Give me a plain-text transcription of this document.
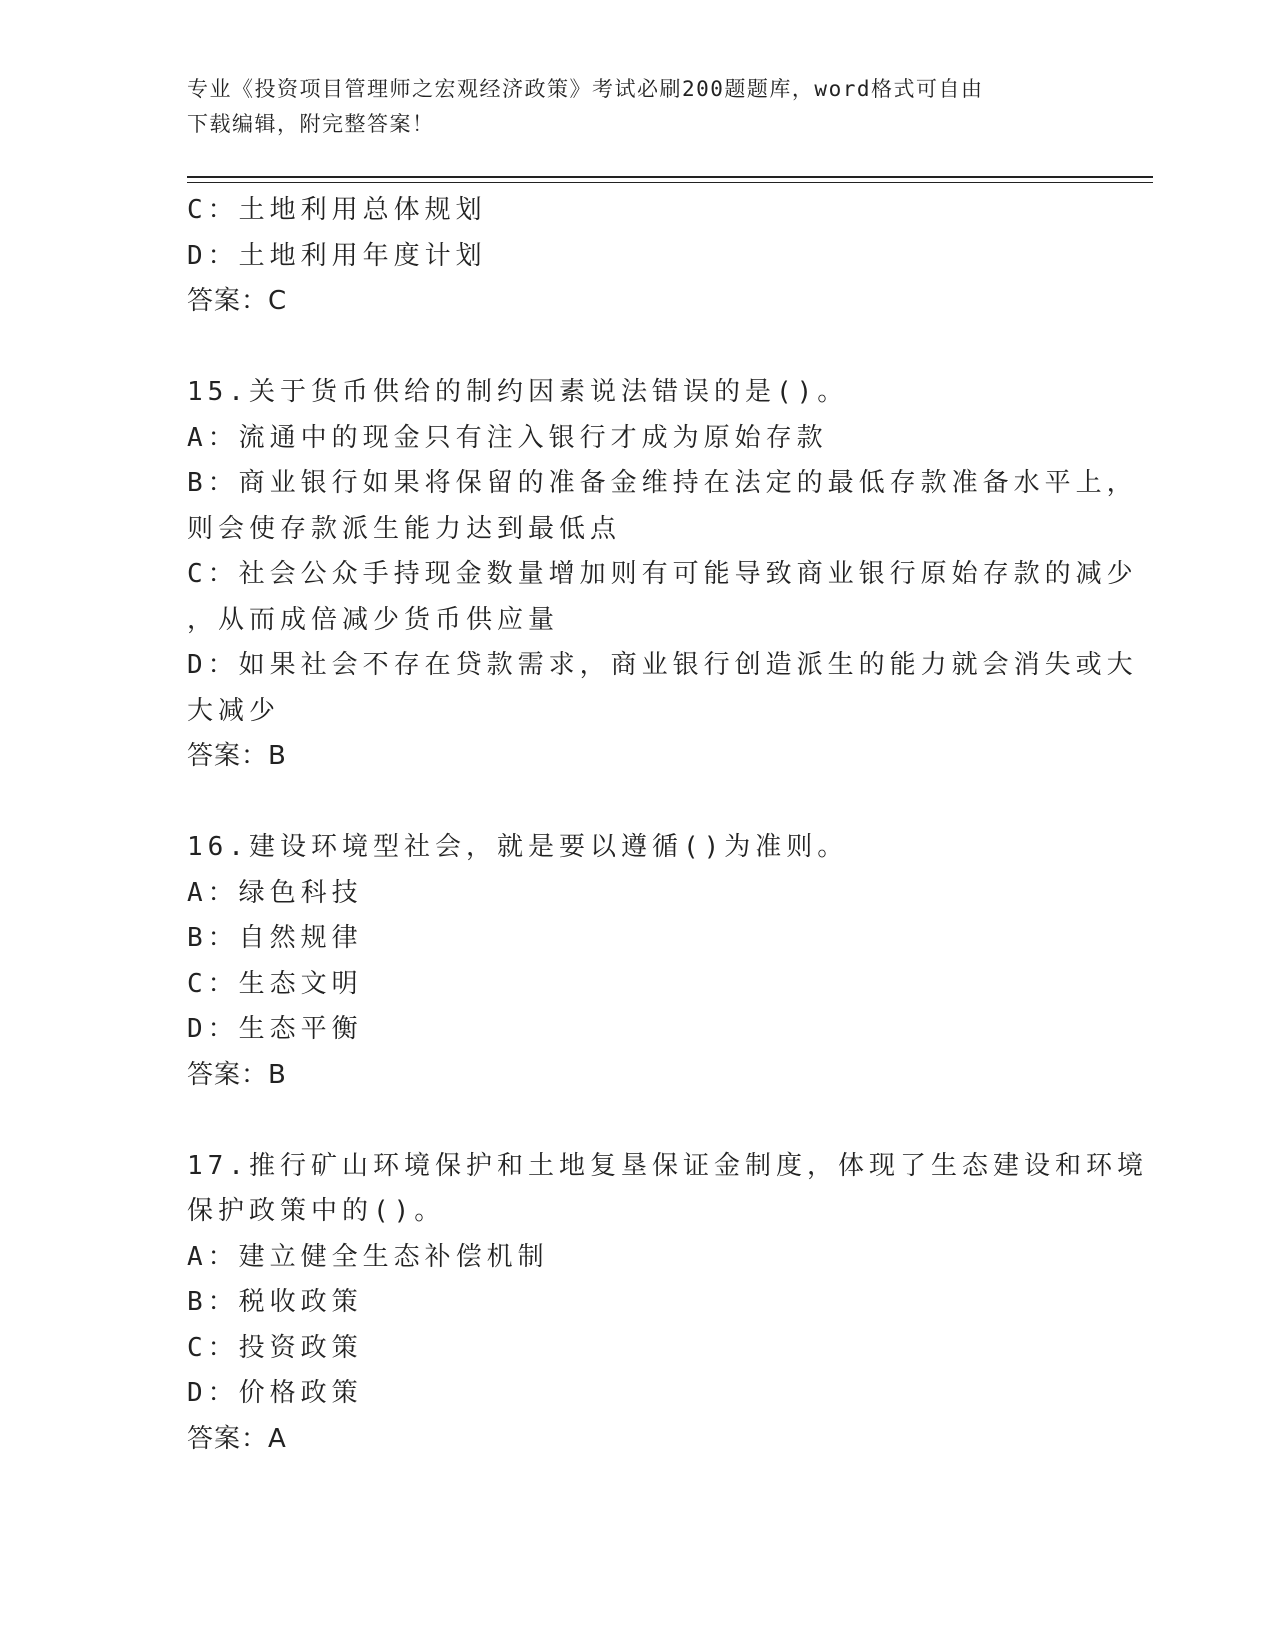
专业《投资项目管理师之宏观经济政策》考试必刷200题题库，word格式可自由
下载编辑，附完整答案！
C：土地利用总体规划
D：土地利用年度计划
答案：C
15.关于货币供给的制约因素说法错误的是()。
A：流通中的现金只有注入银行才成为原始存款
B：商业银行如果将保留的准备金维持在法定的最低存款准备水平上，
则会使存款派生能力达到最低点
C：社会公众手持现金数量增加则有可能导致商业银行原始存款的减少
，从而成倍减少货币供应量
D：如果社会不存在贷款需求，商业银行创造派生的能力就会消失或大
大减少
答案：B
16.建设环境型社会，就是要以遵循()为准则。
A：绿色科技
B：自然规律
C：生态文明
D：生态平衡
答案：B
17.推行矿山环境保护和土地复垦保证金制度，体现了生态建设和环境
保护政策中的()。
A：建立健全生态补偿机制
B：税收政策
C：投资政策
D：价格政策
答案：A
